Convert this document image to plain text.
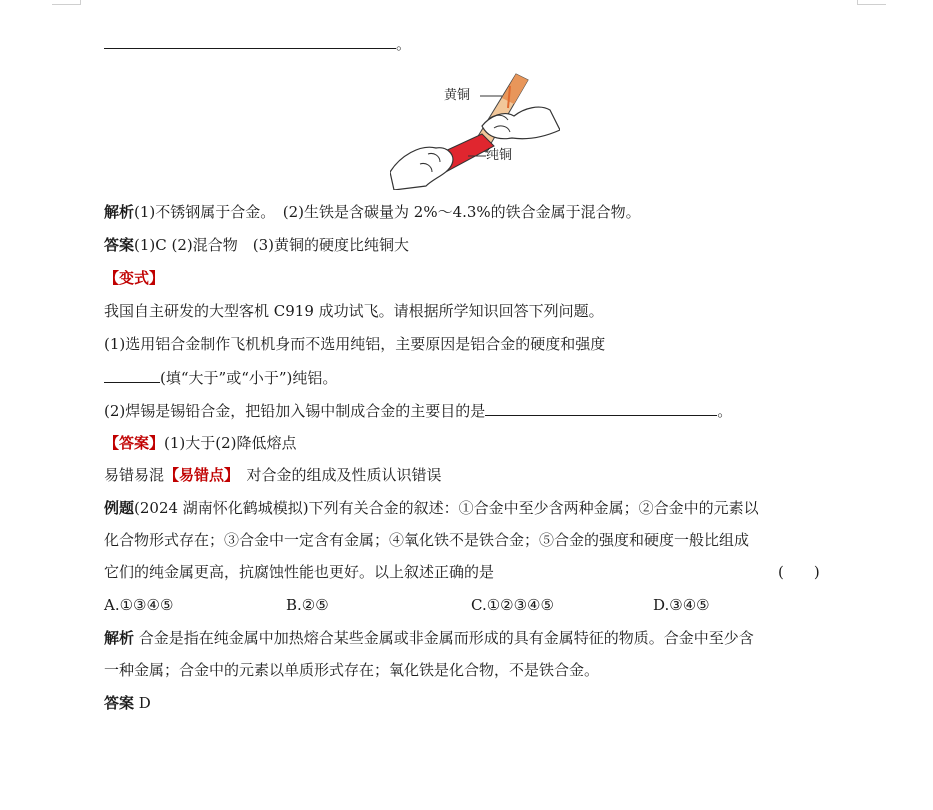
。
黄铜
纯铜
解析(1)不锈钢属于合金。　(2)生铁是含碳量为 2%～4.3%的铁合金属于混合物。
答案(1)C (2)混合物　(3)黄铜的硬度比纯铜大
【变式】
我国自主研发的大型客机 C919 成功试飞。请根据所学知识回答下列问题。
(1)选用铝合金制作飞机机身而不选用纯铝，主要原因是铝合金的硬度和强度
(填“大于”或“小于”)纯铝。
(2)焊锡是锡铅合金，把铅加入锡中制成合金的主要目的是	。
【答案】(1)大于(2)降低熔点
易错易混【易错点】　对合金的组成及性质认识错误
例题(2024 湖南怀化鹤城模拟)下列有关合金的叙述：①合金中至少含两种金属；②合金中的元素以
化合物形式存在；③合金中一定含有金属；④氧化铁不是铁合金；⑤合金的强度和硬度一般比组成
它们的纯金属更高，抗腐蚀性能也更好。以上叙述正确的是	(　　)
A.①③④⑤	B.②⑤	C.①②③④⑤	D.③④⑤
解析 合金是指在纯金属中加热熔合某些金属或非金属而形成的具有金属特征的物质。合金中至少含
一种金属；合金中的元素以单质形式存在；氧化铁是化合物，不是铁合金。
答案 D
